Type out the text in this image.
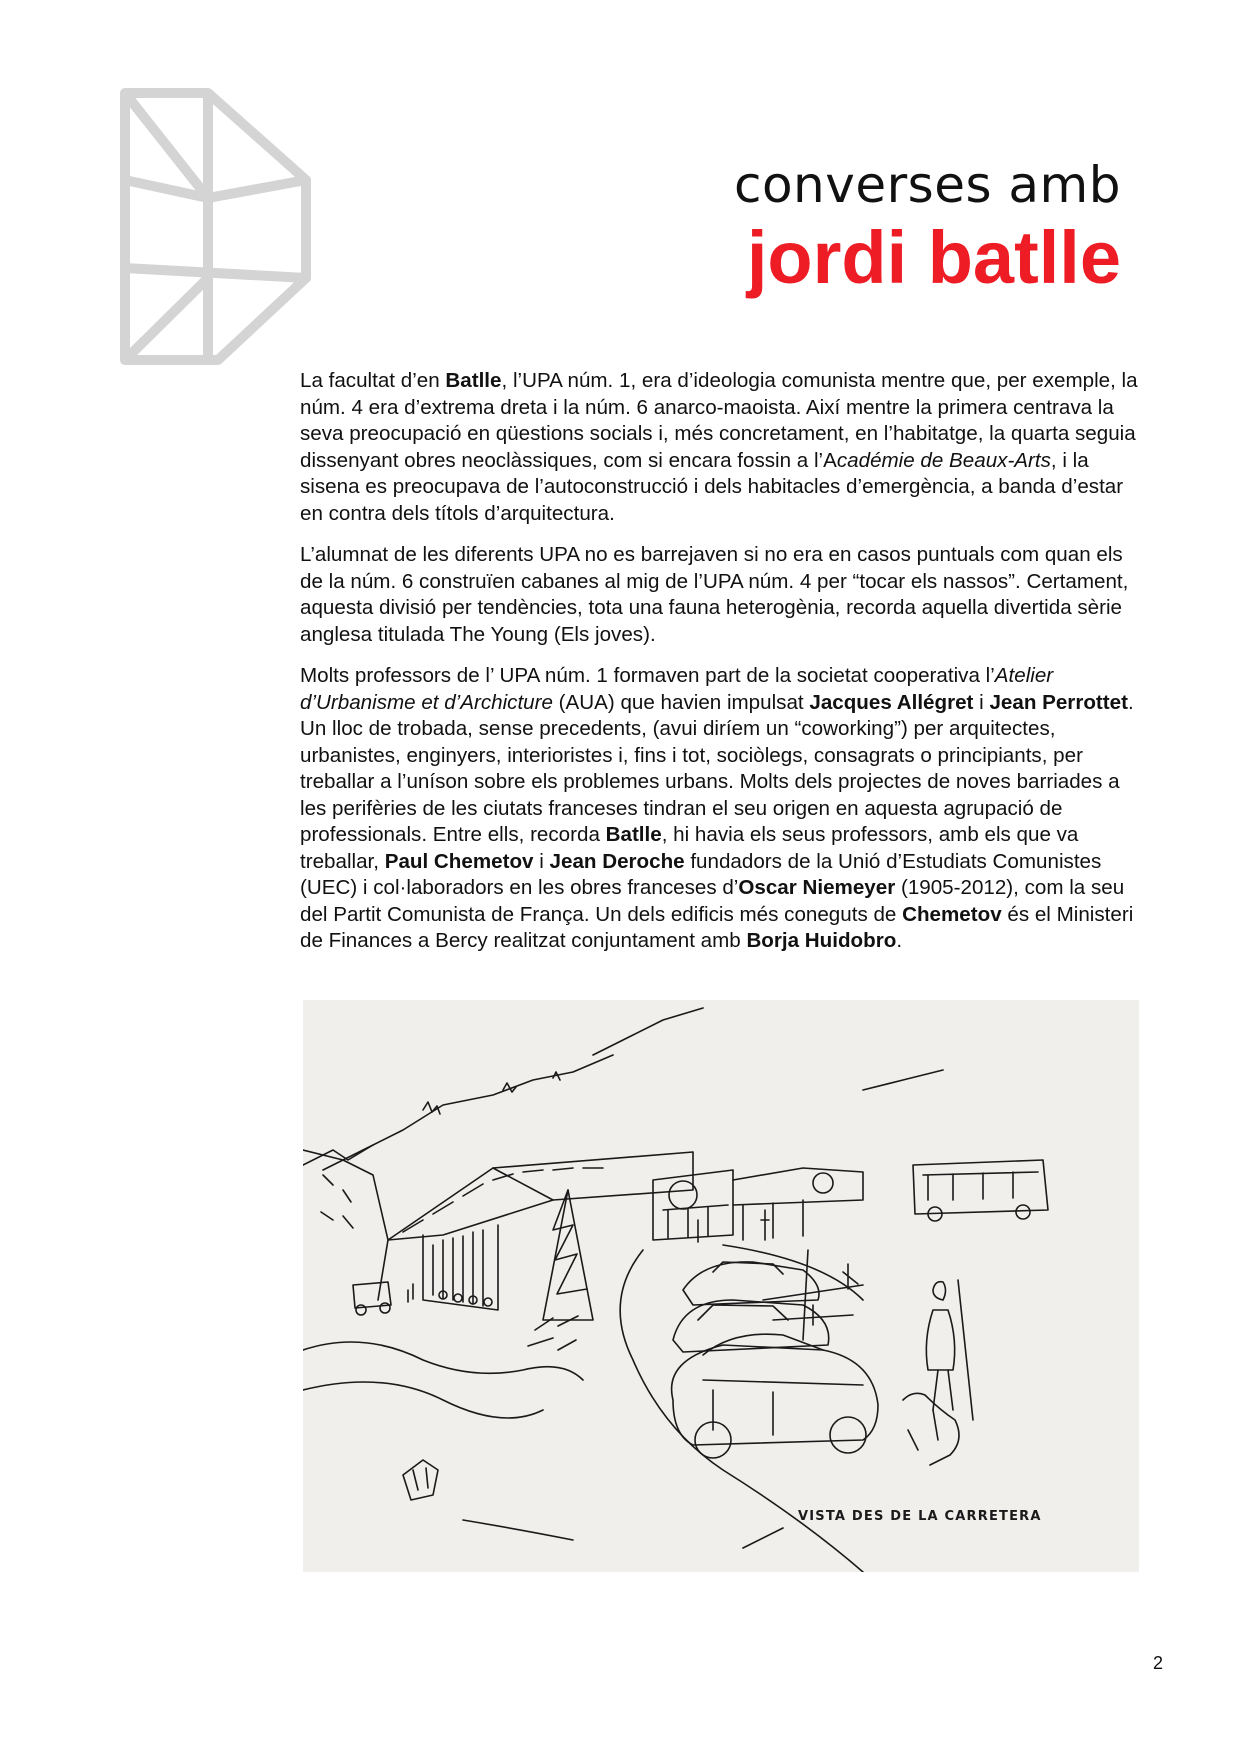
converses amb
jordi batlle

La facultat d’en Batlle, l’UPA núm. 1, era d’ideologia comunista mentre que, per exemple, la núm. 4 era d’extrema dreta i la núm. 6 anarco-maoista. Així mentre la primera centrava la seva preocupació en qüestions socials i, més concretament, en l’habitatge, la quarta seguia dissenyant obres neoclàssiques, com si encara fossin a l’Académie de Beaux-Arts, i la sisena es preocupava de l’autoconstrucció i dels habitacles d’emergència, a banda d’estar en contra dels títols d’arquitectura.

L’alumnat de les diferents UPA no es barrejaven si no era en casos puntuals com quan els de la núm. 6 construïen cabanes al mig de l’UPA núm. 4 per “tocar els nassos”. Certament, aquesta divisió per tendències, tota una fauna heterogènia, recorda aquella divertida sèrie anglesa titulada The Young (Els joves).

Molts professors de l’ UPA núm. 1 formaven part de la societat cooperativa l’Atelier d’Urbanisme et d’Archicture (AUA) que havien impulsat Jacques Allégret i Jean Perrottet. Un lloc de trobada, sense precedents, (avui diríem un “coworking”) per arquitectes, urbanistes, enginyers, interioristes i, fins i tot, sociòlegs, consagrats o principiants, per treballar a l’uníson sobre els problemes urbans. Molts dels projectes de noves barriades a les perifèries de les ciutats franceses tindran el seu origen en aquesta agrupació de professionals. Entre ells, recorda Batlle, hi havia els seus professors, amb els que va treballar, Paul Chemetov i Jean Deroche fundadors de la Unió d’Estudiats Comunistes (UEC) i col·laboradors en les obres franceses d’Oscar Niemeyer (1905-2012), com la seu del Partit Comunista de França. Un dels edificis més coneguts de Chemetov és el Ministeri de Finances a Bercy realitzat conjuntament amb Borja Huidobro.

VISTA DES DE LA CARRETERA
2
